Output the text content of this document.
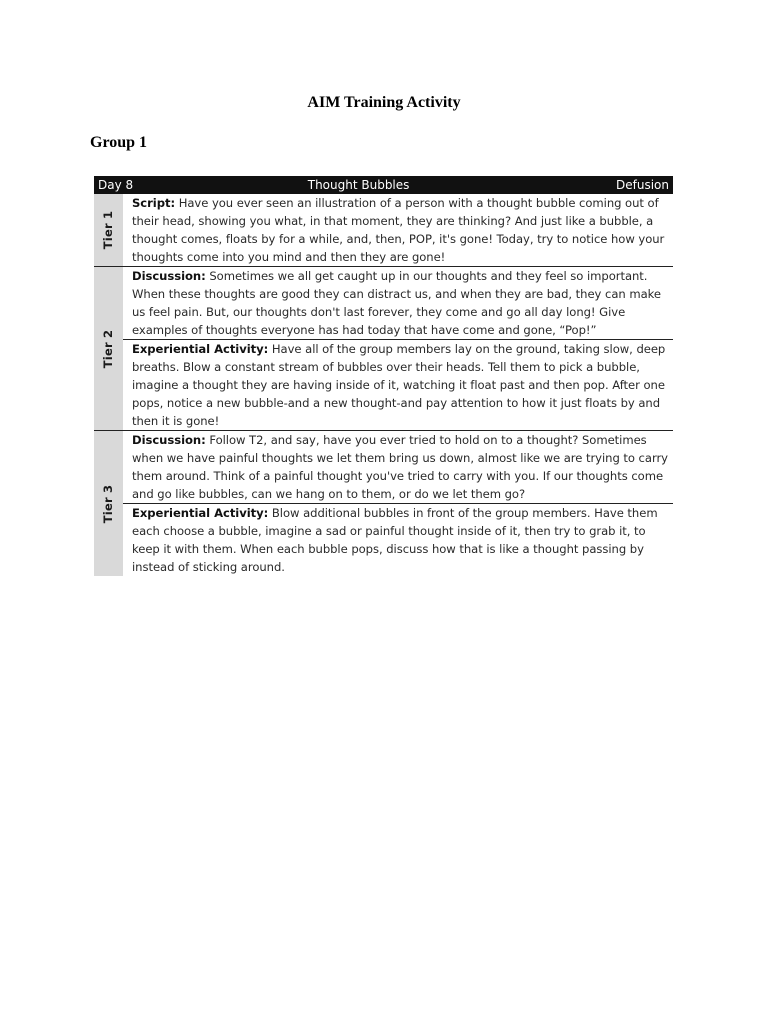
AIM Training Activity
Group 1
Day 8	Thought Bubbles	Defusion
Tier 1
Script: Have you ever seen an illustration of a person with a thought bubble coming out of their head, showing you what, in that moment, they are thinking? And just like a bubble, a thought comes, floats by for a while, and, then, POP, it's gone! Today, try to notice how your thoughts come into you mind and then they are gone!
Tier 2
Discussion: Sometimes we all get caught up in our thoughts and they feel so important. When these thoughts are good they can distract us, and when they are bad, they can make us feel pain. But, our thoughts don't last forever, they come and go all day long! Give examples of thoughts everyone has had today that have come and gone, “Pop!”
Experiential Activity: Have all of the group members lay on the ground, taking slow, deep breaths. Blow a constant stream of bubbles over their heads. Tell them to pick a bubble, imagine a thought they are having inside of it, watching it float past and then pop. After one pops, notice a new bubble-and a new thought-and pay attention to how it just floats by and then it is gone!
Tier 3
Discussion: Follow T2, and say, have you ever tried to hold on to a thought? Sometimes when we have painful thoughts we let them bring us down, almost like we are trying to carry them around. Think of a painful thought you've tried to carry with you. If our thoughts come and go like bubbles, can we hang on to them, or do we let them go?
Experiential Activity: Blow additional bubbles in front of the group members. Have them each choose a bubble, imagine a sad or painful thought inside of it, then try to grab it, to keep it with them. When each bubble pops, discuss how that is like a thought passing by instead of sticking around.
